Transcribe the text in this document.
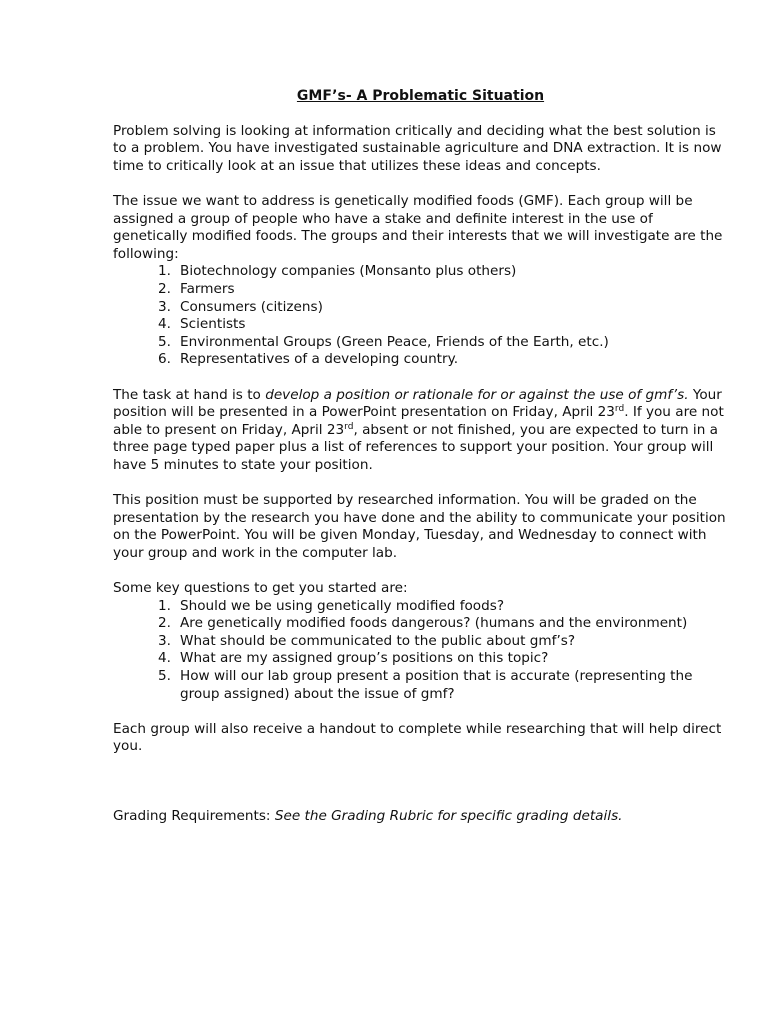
GMF’s- A Problematic Situation

Problem solving is looking at information critically and deciding what the best solution is to a problem. You have investigated sustainable agriculture and DNA extraction. It is now time to critically look at an issue that utilizes these ideas and concepts.

The issue we want to address is genetically modified foods (GMF). Each group will be assigned a group of people who have a stake and definite interest in the use of genetically modified foods. The groups and their interests that we will investigate are the following:

1. Biotechnology companies (Monsanto plus others)
2. Farmers
3. Consumers (citizens)
4. Scientists
5. Environmental Groups (Green Peace, Friends of the Earth, etc.)
6. Representatives of a developing country.

The task at hand is to develop a position or rationale for or against the use of gmf’s. Your position will be presented in a PowerPoint presentation on Friday, April 23rd. If you are not able to present on Friday, April 23rd, absent or not finished, you are expected to turn in a three page typed paper plus a list of references to support your position. Your group will have 5 minutes to state your position.

This position must be supported by researched information. You will be graded on the presentation by the research you have done and the ability to communicate your position on the PowerPoint. You will be given Monday, Tuesday, and Wednesday to connect with your group and work in the computer lab.

Some key questions to get you started are:

1. Should we be using genetically modified foods?
2. Are genetically modified foods dangerous? (humans and the environment)
3. What should be communicated to the public about gmf’s?
4. What are my assigned group’s positions on this topic?
5. How will our lab group present a position that is accurate (representing the group assigned) about the issue of gmf?

Each group will also receive a handout to complete while researching that will help direct you.

Grading Requirements: See the Grading Rubric for specific grading details.
